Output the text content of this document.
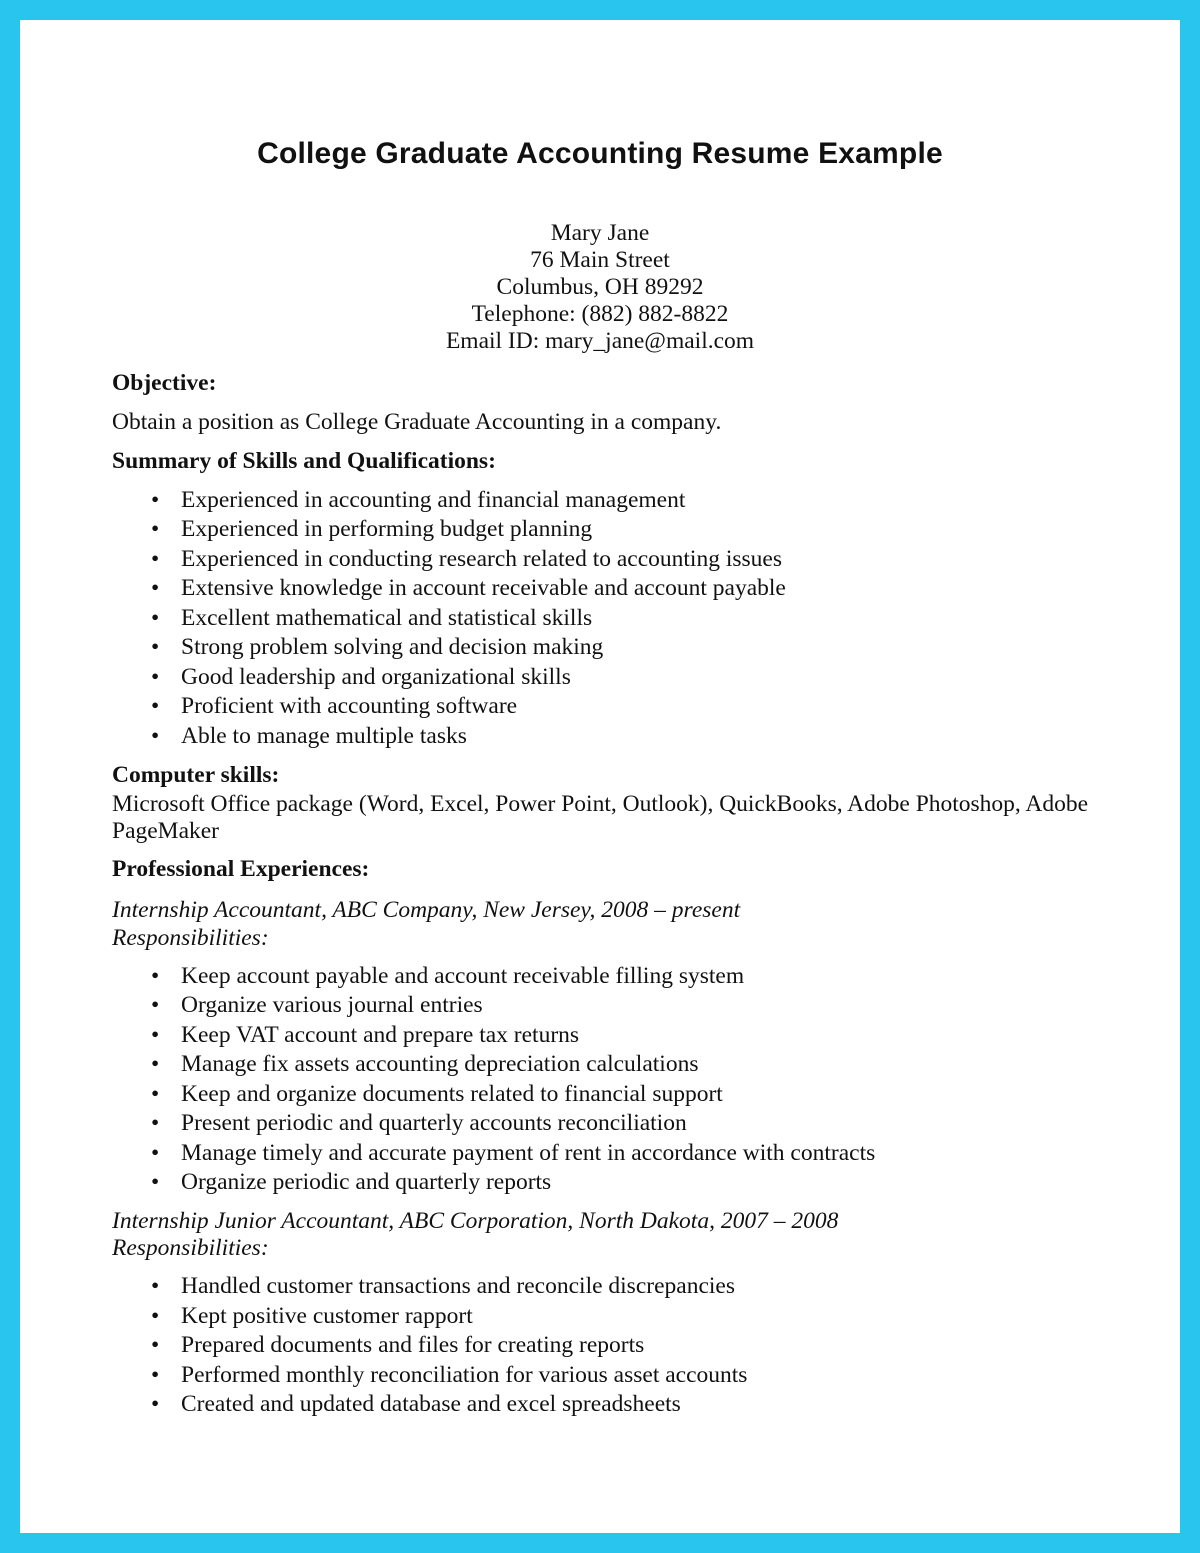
College Graduate Accounting Resume Example
Mary Jane
76 Main Street
Columbus, OH 89292
Telephone: (882) 882-8822
Email ID: mary_jane@mail.com
Objective:
Obtain a position as College Graduate Accounting in a company.
Summary of Skills and Qualifications:
• Experienced in accounting and financial management
• Experienced in performing budget planning
• Experienced in conducting research related to accounting issues
• Extensive knowledge in account receivable and account payable
• Excellent mathematical and statistical skills
• Strong problem solving and decision making
• Good leadership and organizational skills
• Proficient with accounting software
• Able to manage multiple tasks
Computer skills:
Microsoft Office package (Word, Excel, Power Point, Outlook), QuickBooks, Adobe Photoshop, Adobe PageMaker
Professional Experiences:
Internship Accountant, ABC Company, New Jersey, 2008 – present
Responsibilities:
• Keep account payable and account receivable filling system
• Organize various journal entries
• Keep VAT account and prepare tax returns
• Manage fix assets accounting depreciation calculations
• Keep and organize documents related to financial support
• Present periodic and quarterly accounts reconciliation
• Manage timely and accurate payment of rent in accordance with contracts
• Organize periodic and quarterly reports
Internship Junior Accountant, ABC Corporation, North Dakota, 2007 – 2008
Responsibilities:
• Handled customer transactions and reconcile discrepancies
• Kept positive customer rapport
• Prepared documents and files for creating reports
• Performed monthly reconciliation for various asset accounts
• Created and updated database and excel spreadsheets
